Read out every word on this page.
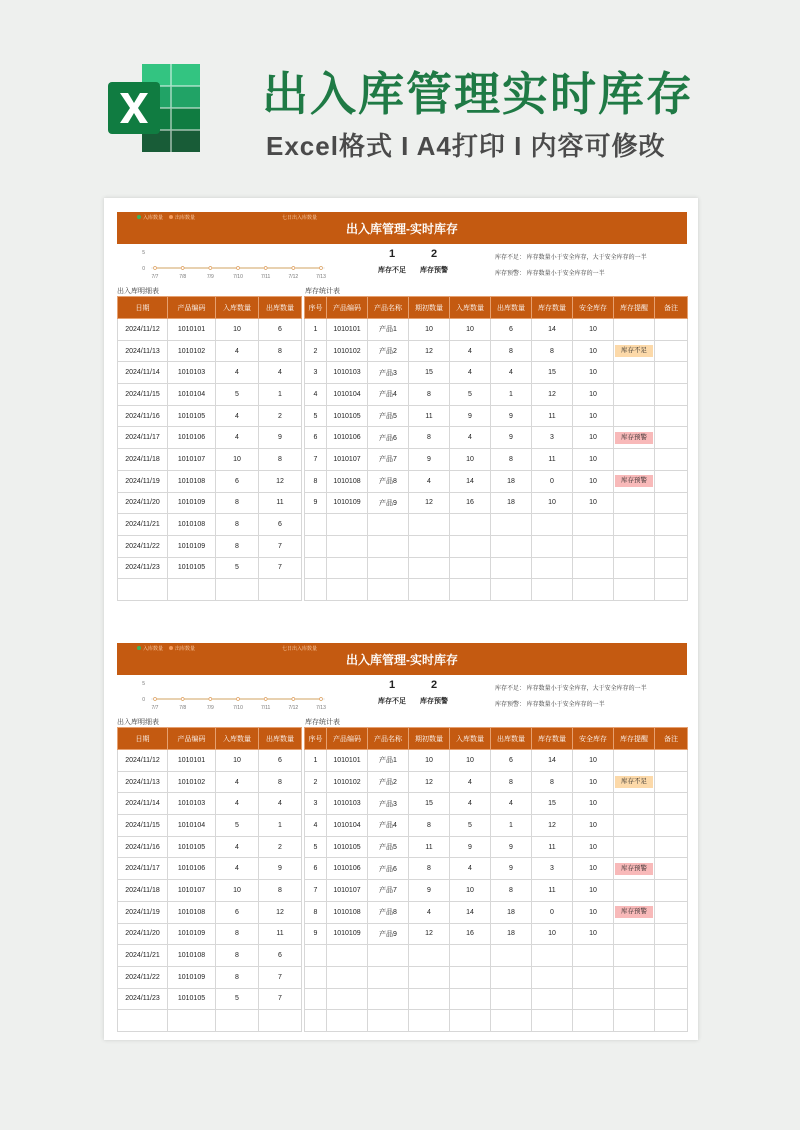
出入库管理实时库存
Excel格式 I A4打印 I 内容可修改
入库数量 出库数量	七日出入库数量
出入库管理-实时库存
5
0
7/7	7/8	7/9	7/10	7/11	7/12	7/13
1
库存不足
2
库存预警
库存不足： 库存数量小于安全库存，大于安全库存的一半
库存预警： 库存数量小于安全库存的一半
出入库明细表	库存统计表
日期	产品编码	入库数量	出库数量
2024/11/12	1010101	10	6
2024/11/13	1010102	4	8
2024/11/14	1010103	4	4
2024/11/15	1010104	5	1
2024/11/16	1010105	4	2
2024/11/17	1010106	4	9
2024/11/18	1010107	10	8
2024/11/19	1010108	6	12
2024/11/20	1010109	8	11
2024/11/21	1010108	8	6
2024/11/22	1010109	8	7
2024/11/23	1010105	5	7

序号	产品编码	产品名称	期初数量	入库数量	出库数量	库存数量	安全库存	库存提醒	备注
1	1010101	产品1	10	10	6	14	10		
2	1010102	产品2	12	4	8	8	10	库存不足	
3	1010103	产品3	15	4	4	15	10		
4	1010104	产品4	8	5	1	12	10		
5	1010105	产品5	11	9	9	11	10		
6	1010106	产品6	8	4	9	3	10	库存预警	
7	1010107	产品7	9	10	8	11	10		
8	1010108	产品8	4	14	18	0	10	库存预警	
9	1010109	产品9	12	16	18	10	10		

入库数量 出库数量	七日出入库数量
出入库管理-实时库存
5
0
7/7	7/8	7/9	7/10	7/11	7/12	7/13
1
库存不足
2
库存预警
库存不足： 库存数量小于安全库存，大于安全库存的一半
库存预警： 库存数量小于安全库存的一半
出入库明细表	库存统计表
日期	产品编码	入库数量	出库数量
2024/11/12	1010101	10	6
2024/11/13	1010102	4	8
2024/11/14	1010103	4	4
2024/11/15	1010104	5	1
2024/11/16	1010105	4	2
2024/11/17	1010106	4	9
2024/11/18	1010107	10	8
2024/11/19	1010108	6	12
2024/11/20	1010109	8	11
2024/11/21	1010108	8	6
2024/11/22	1010109	8	7
2024/11/23	1010105	5	7

序号	产品编码	产品名称	期初数量	入库数量	出库数量	库存数量	安全库存	库存提醒	备注
1	1010101	产品1	10	10	6	14	10		
2	1010102	产品2	12	4	8	8	10	库存不足	
3	1010103	产品3	15	4	4	15	10		
4	1010104	产品4	8	5	1	12	10		
5	1010105	产品5	11	9	9	11	10		
6	1010106	产品6	8	4	9	3	10	库存预警	
7	1010107	产品7	9	10	8	11	10		
8	1010108	产品8	4	14	18	0	10	库存预警	
9	1010109	产品9	12	16	18	10	10		
